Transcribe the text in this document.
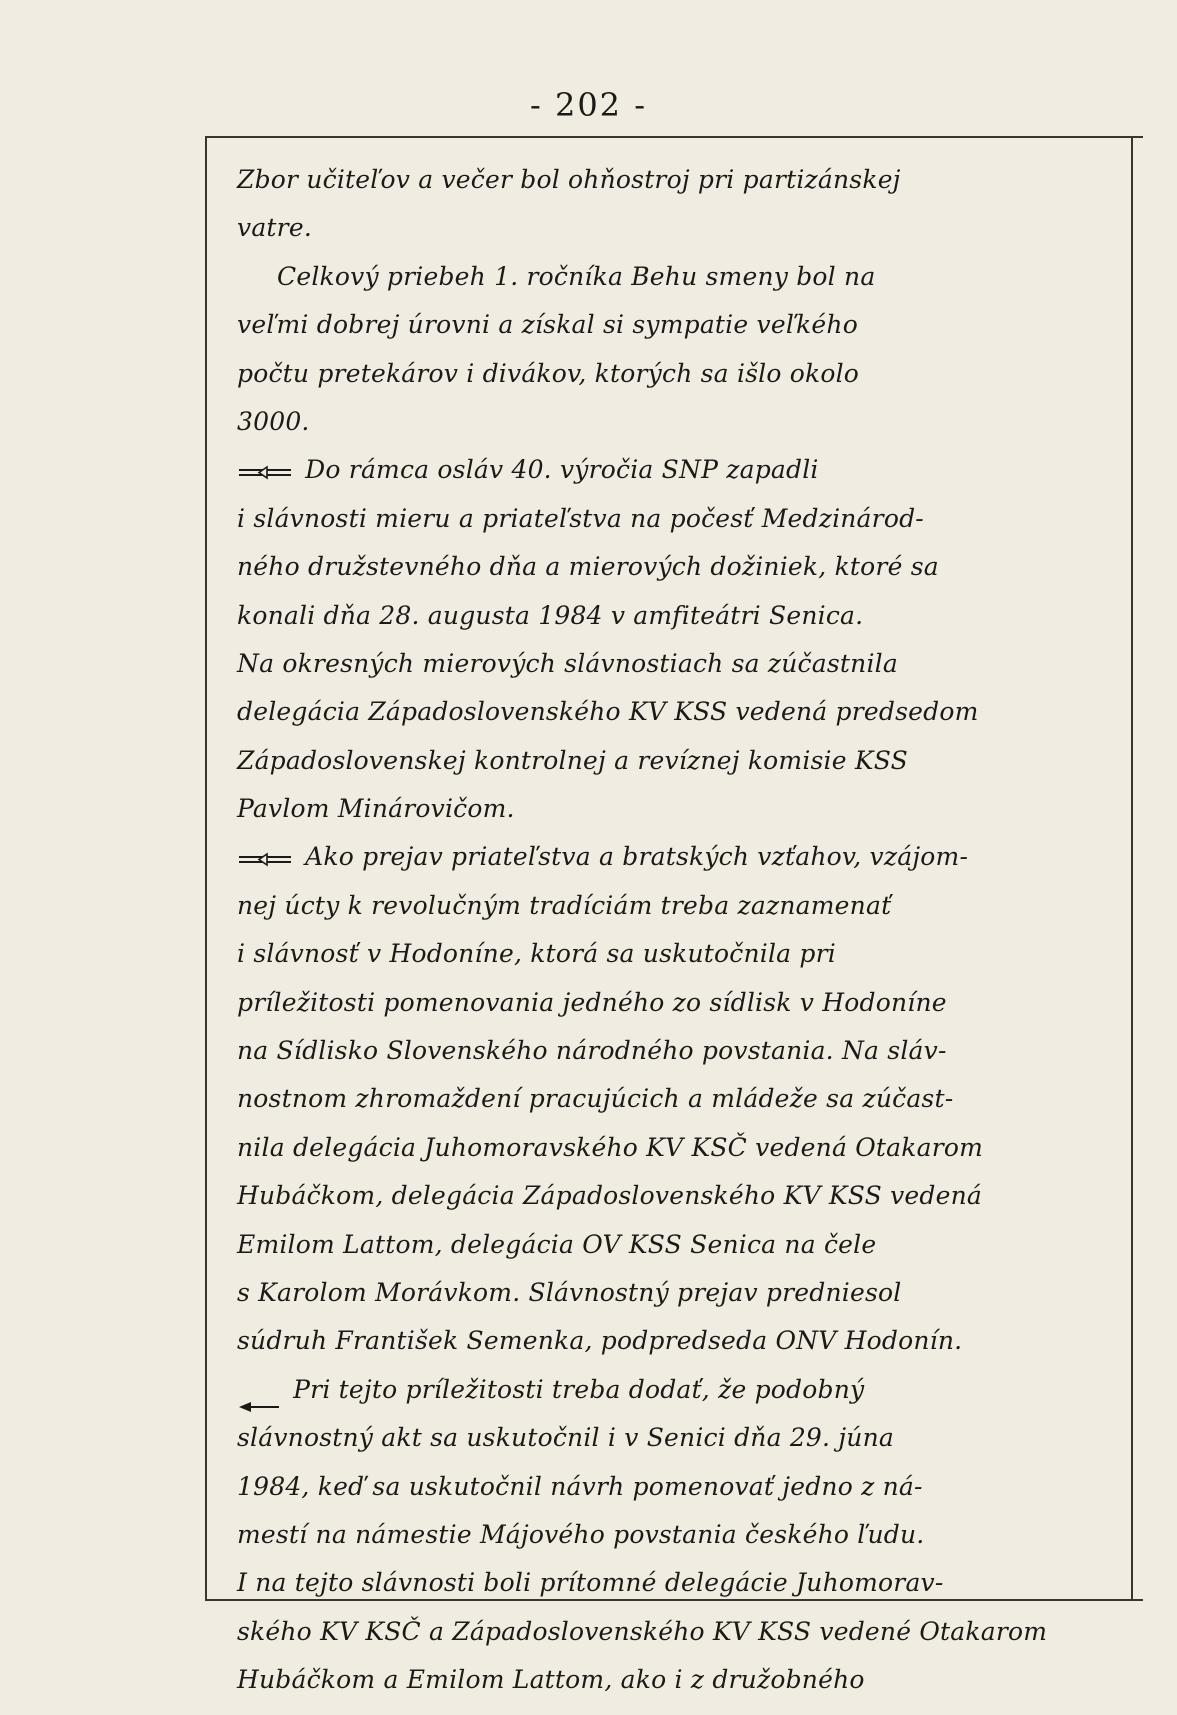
- 202 -
Zbor učiteľov a večer bol ohňostroj pri partizánskej
vatre.
Celkový priebeh 1. ročníka Behu smeny bol na
veľmi dobrej úrovni a získal si sympatie veľkého
počtu pretekárov i divákov, ktorých sa išlo okolo
3000.
Do rámca osláv 40. výročia SNP zapadli
i slávnosti mieru a priateľstva na počesť Medzinárod-
ného družstevného dňa a mierových dožiniek, ktoré sa
konali dňa 28. augusta 1984 v amfiteátri Senica.
Na okresných mierových slávnostiach sa zúčastnila
delegácia Západoslovenského KV KSS vedená predsedom
Západoslovenskej kontrolnej a revíznej komisie KSS
Pavlom Minárovičom.
Ako prejav priateľstva a bratských vzťahov, vzájom-
nej úcty k revolučným tradíciám treba zaznamenať
i slávnosť v Hodoníne, ktorá sa uskutočnila pri
príležitosti pomenovania jedného zo sídlisk v Hodoníne
na Sídlisko Slovenského národného povstania. Na sláv-
nostnom zhromaždení pracujúcich a mládeže sa zúčast-
nila delegácia Juhomoravského KV KSČ vedená Otakarom
Hubáčkom, delegácia Západoslovenského KV KSS vedená
Emilom Lattom, delegácia OV KSS Senica na čele
s Karolom Morávkom. Slávnostný prejav predniesol
súdruh František Semenka, podpredseda ONV Hodonín.
Pri tejto príležitosti treba dodať, že podobný
slávnostný akt sa uskutočnil i v Senici dňa 29. júna
1984, keď sa uskutočnil návrh pomenovať jedno z ná-
mestí na námestie Májového povstania českého ľudu.
I na tejto slávnosti boli prítomné delegácie Juhomorav-
ského KV KSČ a Západoslovenského KV KSS vedené Otakarom
Hubáčkom a Emilom Lattom, ako i z družobného
